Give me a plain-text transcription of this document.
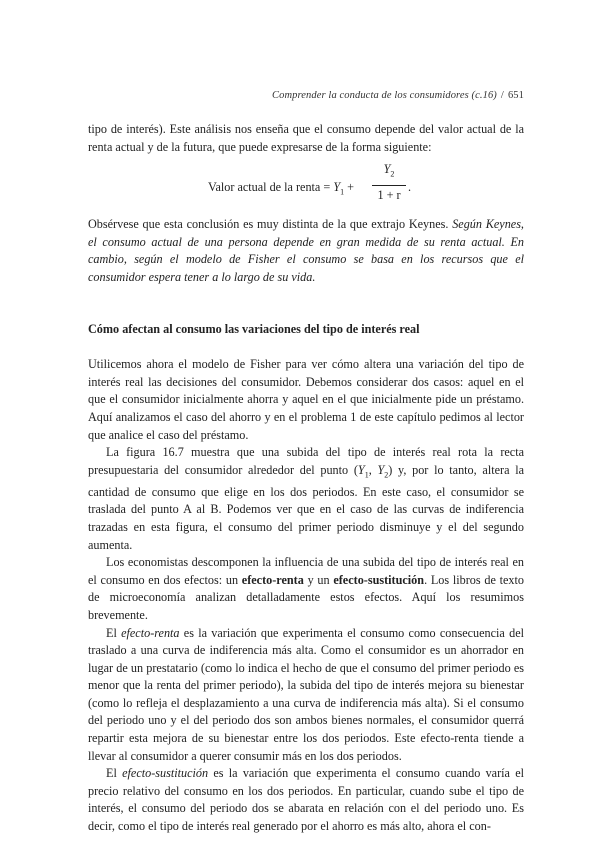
Comprender la conducta de los consumidores (c.16) / 651

tipo de interés). Este análisis nos enseña que el consumo depende del valor actual de la renta actual y de la futura, que puede expresarse de la forma siguiente:

Valor actual de la renta = $Y_1$ +
$Y_2$
1 + r
.

Obsérvese que esta conclusión es muy distinta de la que extrajo Keynes. Según Keynes, el consumo actual de una persona depende en gran medida de su renta actual. En cambio, según el modelo de Fisher el consumo se basa en los recursos que el consumidor espera tener a lo largo de su vida.

Cómo afectan al consumo las variaciones del tipo de interés real

Utilicemos ahora el modelo de Fisher para ver cómo altera una variación del tipo de interés real las decisiones del consumidor. Debemos considerar dos casos: aquel en el que el consumidor inicialmente ahorra y aquel en el que inicialmente pide un préstamo. Aquí analizamos el caso del ahorro y en el problema 1 de este capítulo pedimos al lector que analice el caso del préstamo.

La figura 16.7 muestra que una subida del tipo de interés real rota la recta presupuestaria del consumidor alrededor del punto ($Y_1$, $Y_2$) y, por lo tanto, altera la cantidad de consumo que elige en los dos periodos. En este caso, el consumidor se traslada del punto A al B. Podemos ver que en el caso de las curvas de indiferencia trazadas en esta figura, el consumo del primer periodo disminuye y el del segundo aumenta.

Los economistas descomponen la influencia de una subida del tipo de interés real en el consumo en dos efectos: un efecto-renta y un efecto-sustitución. Los libros de texto de microeconomía analizan detalladamente estos efectos. Aquí los resumimos brevemente.

El efecto-renta es la variación que experimenta el consumo como consecuencia del traslado a una curva de indiferencia más alta. Como el consumidor es un ahorrador en lugar de un prestatario (como lo indica el hecho de que el consumo del primer periodo es menor que la renta del primer periodo), la subida del tipo de interés mejora su bienestar (como lo refleja el desplazamiento a una curva de indiferencia más alta). Si el consumo del periodo uno y el del periodo dos son ambos bienes normales, el consumidor querrá repartir esta mejora de su bienestar entre los dos periodos. Este efecto-renta tiende a llevar al consumidor a querer consumir más en los dos periodos.

El efecto-sustitución es la variación que experimenta el consumo cuando varía el precio relativo del consumo en los dos periodos. En particular, cuando sube el tipo de interés, el consumo del periodo dos se abarata en relación con el del periodo uno. Es decir, como el tipo de interés real generado por el ahorro es más alto, ahora el con-
